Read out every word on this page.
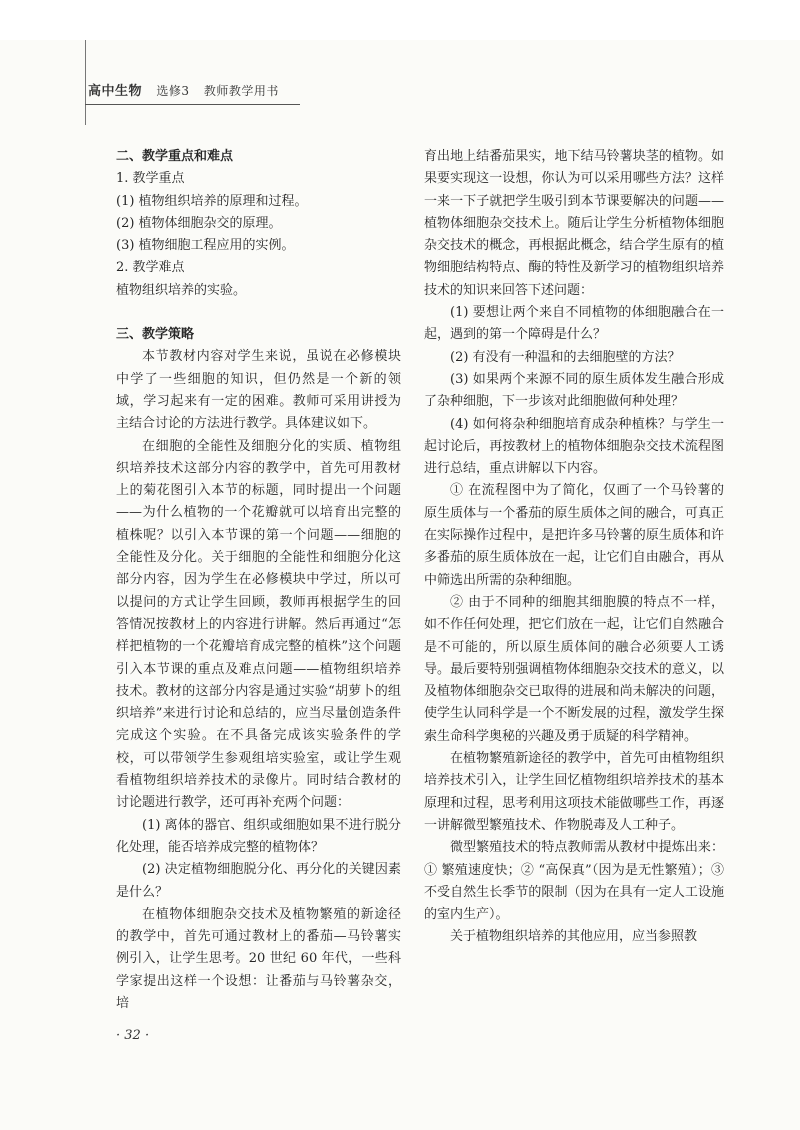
高中生物 选修3 教师教学用书

二、教学重点和难点

1. 教学重点

(1) 植物组织培养的原理和过程。

(2) 植物体细胞杂交的原理。

(3) 植物细胞工程应用的实例。

2. 教学难点

植物组织培养的实验。

三、教学策略

本节教材内容对学生来说，虽说在必修模块中学了一些细胞的知识，但仍然是一个新的领域，学习起来有一定的困难。教师可采用讲授为主结合讨论的方法进行教学。具体建议如下。

在细胞的全能性及细胞分化的实质、植物组织培养技术这部分内容的教学中，首先可用教材上的菊花图引入本节的标题，同时提出一个问题——为什么植物的一个花瓣就可以培育出完整的植株呢？以引入本节课的第一个问题——细胞的全能性及分化。关于细胞的全能性和细胞分化这部分内容，因为学生在必修模块中学过，所以可以提问的方式让学生回顾，教师再根据学生的回答情况按教材上的内容进行讲解。然后再通过“怎样把植物的一个花瓣培育成完整的植株”这个问题引入本节课的重点及难点问题——植物组织培养技术。教材的这部分内容是通过实验“胡萝卜的组织培养”来进行讨论和总结的，应当尽量创造条件完成这个实验。在不具备完成该实验条件的学校，可以带领学生参观组培实验室，或让学生观看植物组织培养技术的录像片。同时结合教材的讨论题进行教学，还可再补充两个问题：

(1) 离体的器官、组织或细胞如果不进行脱分化处理，能否培养成完整的植物体？

(2) 决定植物细胞脱分化、再分化的关键因素是什么？

在植物体细胞杂交技术及植物繁殖的新途径的教学中，首先可通过教材上的番茄—马铃薯实例引入，让学生思考。20 世纪 60 年代，一些科学家提出这样一个设想：让番茄与马铃薯杂交，培

育出地上结番茄果实，地下结马铃薯块茎的植物。如果要实现这一设想，你认为可以采用哪些方法？这样一来一下子就把学生吸引到本节课要解决的问题——植物体细胞杂交技术上。随后让学生分析植物体细胞杂交技术的概念，再根据此概念，结合学生原有的植物细胞结构特点、酶的特性及新学习的植物组织培养技术的知识来回答下述问题：

(1) 要想让两个来自不同植物的体细胞融合在一起，遇到的第一个障碍是什么？

(2) 有没有一种温和的去细胞壁的方法？

(3) 如果两个来源不同的原生质体发生融合形成了杂种细胞，下一步该对此细胞做何种处理？

(4) 如何将杂种细胞培育成杂种植株？与学生一起讨论后，再按教材上的植物体细胞杂交技术流程图进行总结，重点讲解以下内容。

① 在流程图中为了简化，仅画了一个马铃薯的原生质体与一个番茄的原生质体之间的融合，可真正在实际操作过程中，是把许多马铃薯的原生质体和许多番茄的原生质体放在一起，让它们自由融合，再从中筛选出所需的杂种细胞。

② 由于不同种的细胞其细胞膜的特点不一样，如不作任何处理，把它们放在一起，让它们自然融合是不可能的，所以原生质体间的融合必须要人工诱导。最后要特别强调植物体细胞杂交技术的意义，以及植物体细胞杂交已取得的进展和尚未解决的问题，使学生认同科学是一个不断发展的过程，激发学生探索生命科学奥秘的兴趣及勇于质疑的科学精神。

在植物繁殖新途径的教学中，首先可由植物组织培养技术引入，让学生回忆植物组织培养技术的基本原理和过程，思考利用这项技术能做哪些工作，再逐一讲解微型繁殖技术、作物脱毒及人工种子。

微型繁殖技术的特点教师需从教材中提炼出来：① 繁殖速度快；② “高保真”（因为是无性繁殖）；③ 不受自然生长季节的限制（因为在具有一定人工设施的室内生产）。

关于植物组织培养的其他应用，应当参照教

· 32 ·
